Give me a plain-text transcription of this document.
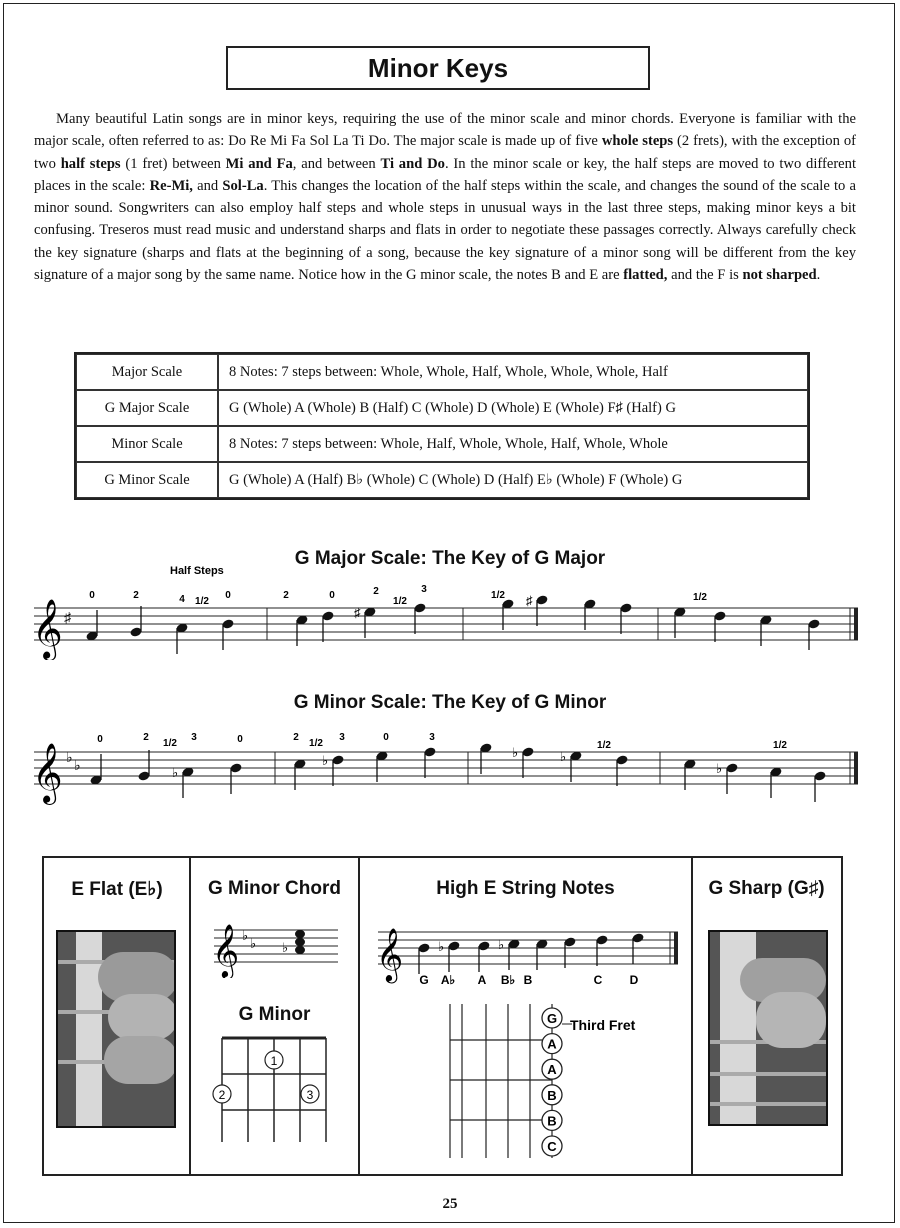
Minor Keys
Many beautiful Latin songs are in minor keys, requiring the use of the minor scale and minor chords. Everyone is familiar with the major scale, often referred to as: Do Re Mi Fa Sol La Ti Do. The major scale is made up of five whole steps (2 frets), with the exception of two half steps (1 fret) between Mi and Fa, and between Ti and Do. In the minor scale or key, the half steps are moved to two different places in the scale: Re-Mi, and Sol-La. This changes the location of the half steps within the scale, and changes the sound of the scale to a minor sound. Songwriters can also employ half steps and whole steps in unusual ways in the last three steps, making minor keys a bit confusing. Treseros must read music and understand sharps and flats in order to negotiate these passages correctly. Always carefully check the key signature (sharps and flats at the beginning of a song, because the key signature of a minor song will be different from the key signature of a major song by the same name. Notice how in the G minor scale, the notes B and E are flatted, and the F is not sharped.
Major Scale	8 Notes: 7 steps between: Whole, Whole, Half, Whole, Whole, Whole, Half
G Major Scale	G (Whole) A (Whole) B (Half) C (Whole) D (Whole) E (Whole) F♯ (Half) G
Minor Scale	8 Notes: 7 steps between: Whole, Half, Whole, Whole, Half, Whole, Whole
G Minor Scale	G (Whole) A (Half) B♭ (Whole) C (Whole) D (Half) E♭ (Whole) F (Whole) G
G Major Scale: The Key of G Major
𝄞 ♯
Half Steps
♯
♯
0	2	4 1/2
0	2	0	2
1/2
3
1/2	1/2
G Minor Scale: The Key of G Minor
𝄞 ♭ ♭	♭
♭
♭	♭
♭
0	2
1/2
3	0	2
1/2
3	0	3
1/2	1/2
E Flat (E♭)	G Minor Chord
𝄞 ♭
♭ ♭
G Minor
1
2	3
High E String Notes
𝄞	♭	♭
G A♭ A B♭ B	C D
G
A
A
B
B
C
Third Fret
G Sharp (G♯)
25
